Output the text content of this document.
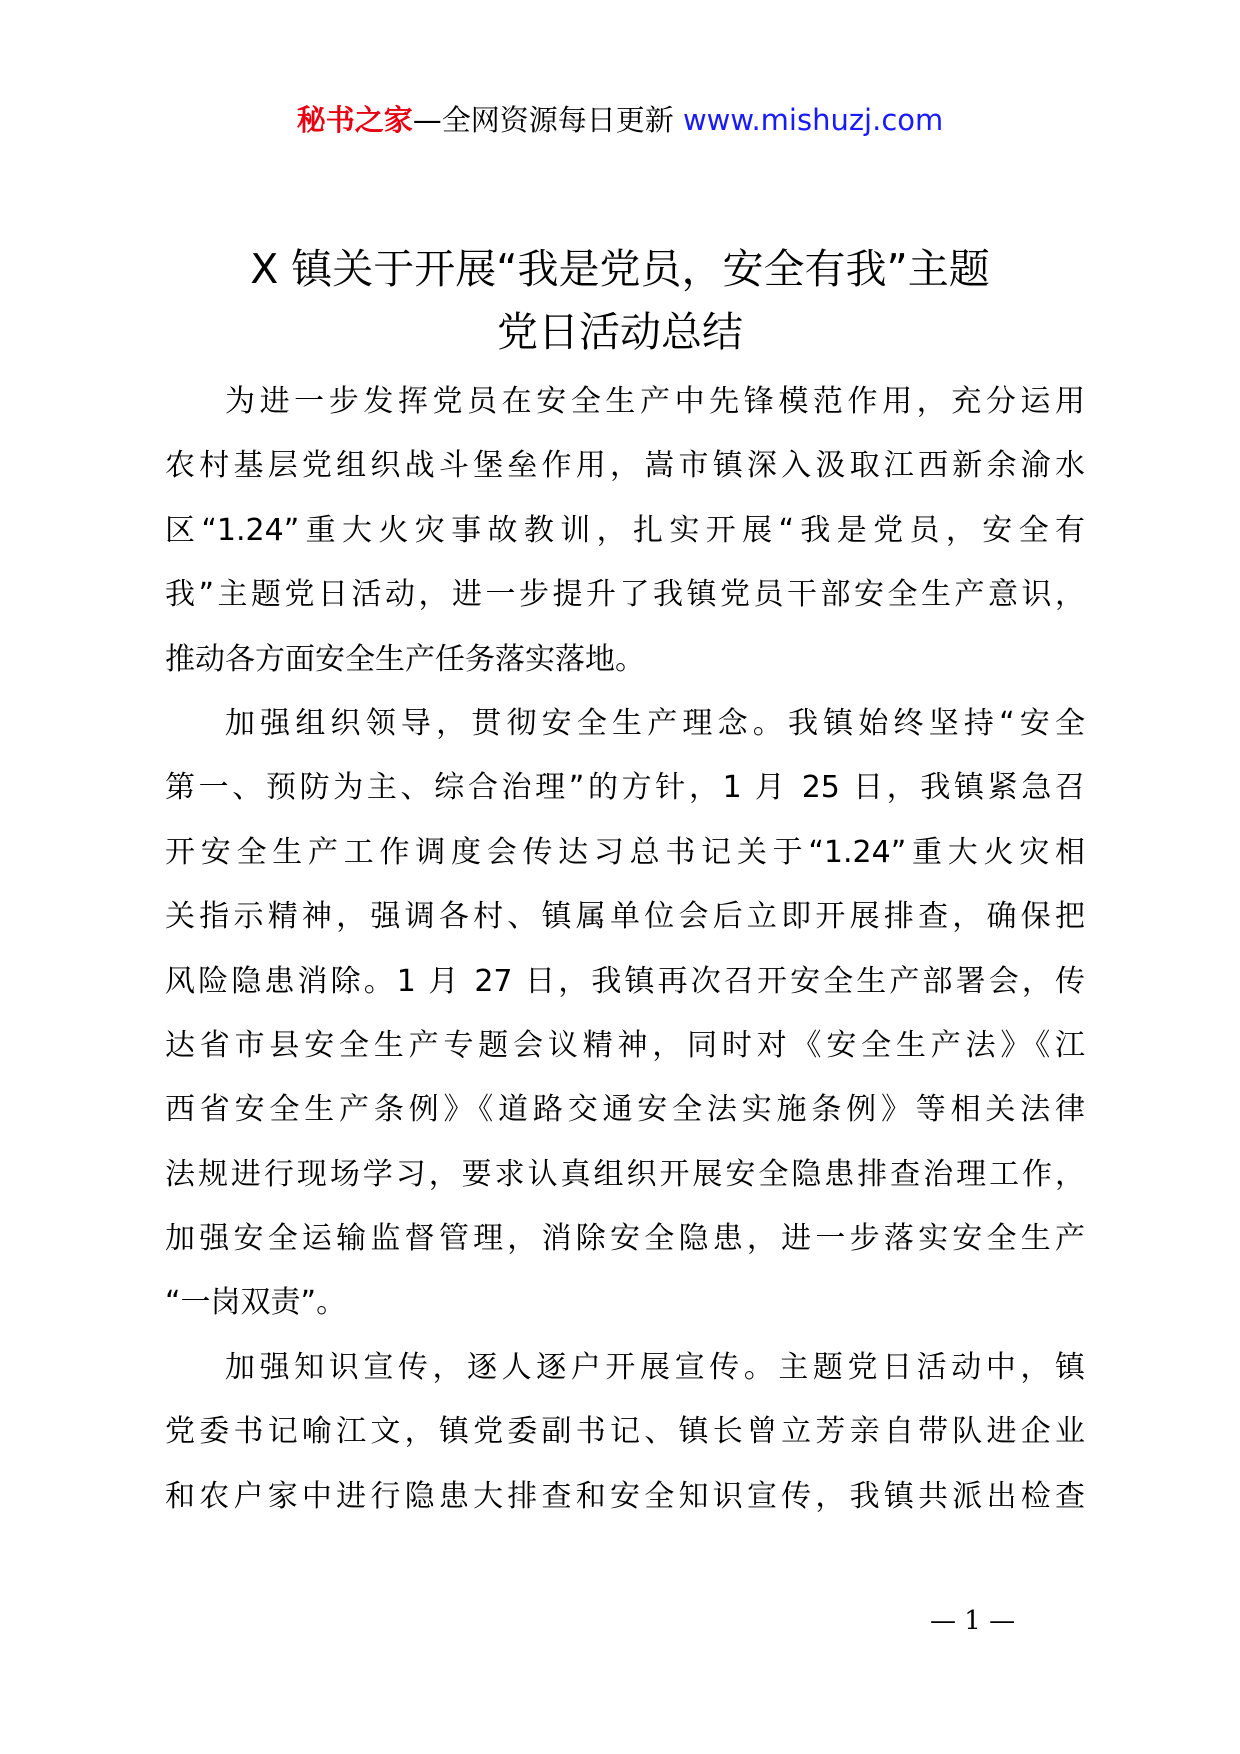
秘书之家—全网资源每日更新 www.mishuzj.com
X 镇关于开展“我是党员，安全有我”主题
党日活动总结
为进一步发挥党员在安全生产中先锋模范作用，充分运用
农村基层党组织战斗堡垒作用，嵩市镇深入汲取江西新余渝水
区“1.24”重大火灾事故教训，扎实开展“我是党员，安全有
我”主题党日活动，进一步提升了我镇党员干部安全生产意识，
推动各方面安全生产任务落实落地。
加强组织领导，贯彻安全生产理念。我镇始终坚持“安全
第一、预防为主、综合治理”的方针，1 月 25 日，我镇紧急召
开安全生产工作调度会传达习总书记关于“1.24”重大火灾相
关指示精神，强调各村、镇属单位会后立即开展排查，确保把
风险隐患消除。1 月 27 日，我镇再次召开安全生产部署会，传
达省市县安全生产专题会议精神，同时对《安全生产法》《江
西省安全生产条例》《道路交通安全法实施条例》等相关法律
法规进行现场学习，要求认真组织开展安全隐患排查治理工作，
加强安全运输监督管理，消除安全隐患，进一步落实安全生产
“一岗双责”。
加强知识宣传，逐人逐户开展宣传。主题党日活动中，镇
党委书记喻江文，镇党委副书记、镇长曾立芳亲自带队进企业
和农户家中进行隐患大排查和安全知识宣传，我镇共派出检查
— 1 —
